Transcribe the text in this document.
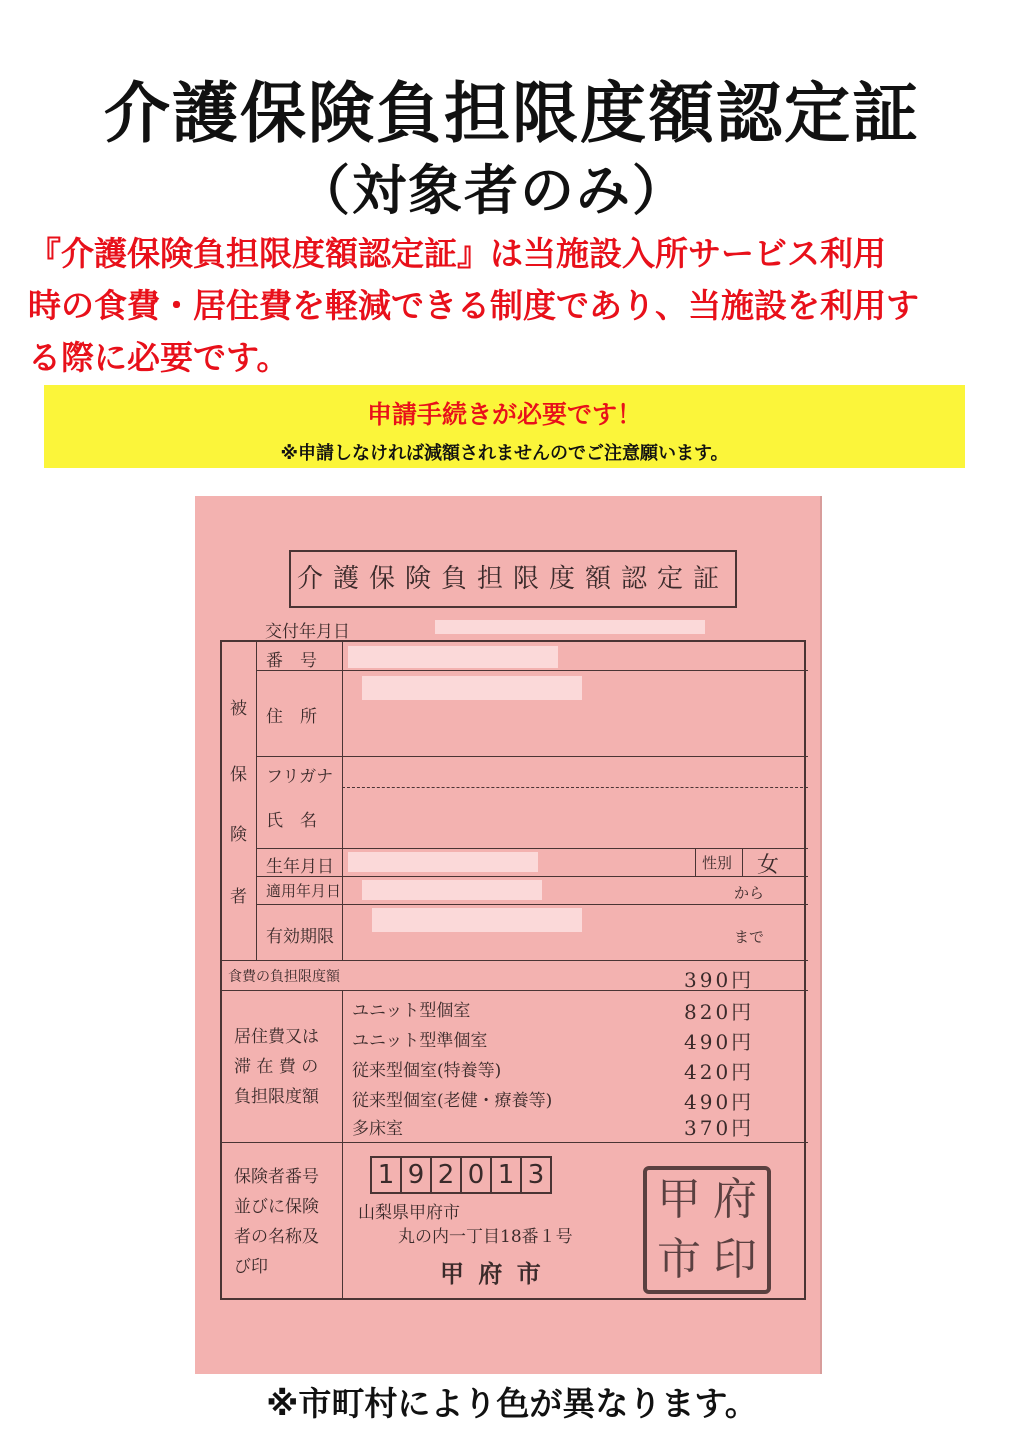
介護保険負担限度額認定証
（対象者のみ）
『介護保険負担限度額認定証』は当施設入所サービス利用
時の食費・居住費を軽減できる制度であり、当施設を利用す
る際に必要です。
申請手続きが必要です！
※申請しなければ減額されませんのでご注意願います。
介護保険負担限度額認定証
交付年月日
被
保
険
者
番　号
住　所
フリガナ
氏　名
生年月日	性別 女
適用年月日	から
有効期限	まで
食費の負担限度額	390円
居住費又は
滞 在 費 の
負担限度額
ユニット型個室	820円
ユニット型準個室	490円
従来型個室(特養等)	420円
従来型個室(老健・療養等)	490円
多床室	370円
保険者番号
並びに保険
者の名称及
び印
山梨県甲府市
丸の内一丁目18番１号
甲 府 市
1 9 2 0 1 3	甲 府
市 印
※市町村により色が異なります。
